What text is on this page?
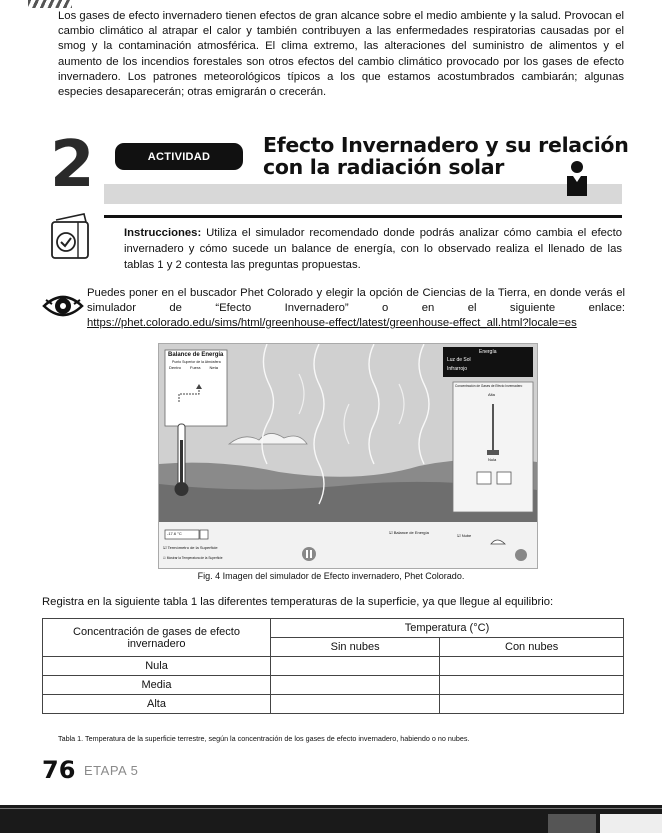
Los gases de efecto invernadero tienen efectos de gran alcance sobre el medio ambiente y la salud. Provocan el cambio climático al atrapar el calor y también contribuyen a las enfermedades respiratorias causadas por el smog y la contaminación atmosférica. El clima extremo, las alteraciones del suministro de alimentos y el aumento de los incendios forestales son otros efectos del cambio climático provocado por los gases de efecto invernadero. Los patrones meteorológicos típicos a los que estamos acostumbrados cambiarán; algunas especies desaparecerán; otras emigrarán o crecerán.

2	ACTIVIDAD	Efecto Invernadero y su relación
con la radiación solar

Instrucciones: Utiliza el simulador recomendado donde podrás analizar cómo cambia el efecto invernadero y cómo sucede un balance de energía, con lo observado realiza el llenado de las tablas 1 y 2 contesta las preguntas propuestas.

Puedes poner en el buscador Phet Colorado y elegir la opción de Ciencias de la Tierra, en donde verás el simulador de “Efecto Invernadero” o en el siguiente enlace: https://phet.colorado.edu/sims/html/greenhouse-effect/latest/greenhouse-effect_all.html?locale=es

Balance de Energía
Punto Superior de la Atmósfera
Dentro Fuera Neta
Energía
Luz de Sol
Infrarrojo
Concentración de Gases de Efecto Invernadero
Alta
Nula
-17.6 °C	☑ Balance de Energía
☑ Nube
☑ Termómetro de la Superficie
☑ Mostrar la Temperatura de la Superficie
Fig. 4 Imagen del simulador de Efecto invernadero, Phet Colorado.
Registra en la siguiente tabla 1 las diferentes temperaturas de la superficie, ya que llegue al equilibrio:
Concentración de gases de efecto invernadero	Temperatura (°C)	
	Sin nubes	Con nubes
Nula		
Media		
Alta		
Tabla 1. Temperatura de la superficie terrestre, según la concentración de los gases de efecto invernadero, habiendo o no nubes.
76 ETAPA 5
